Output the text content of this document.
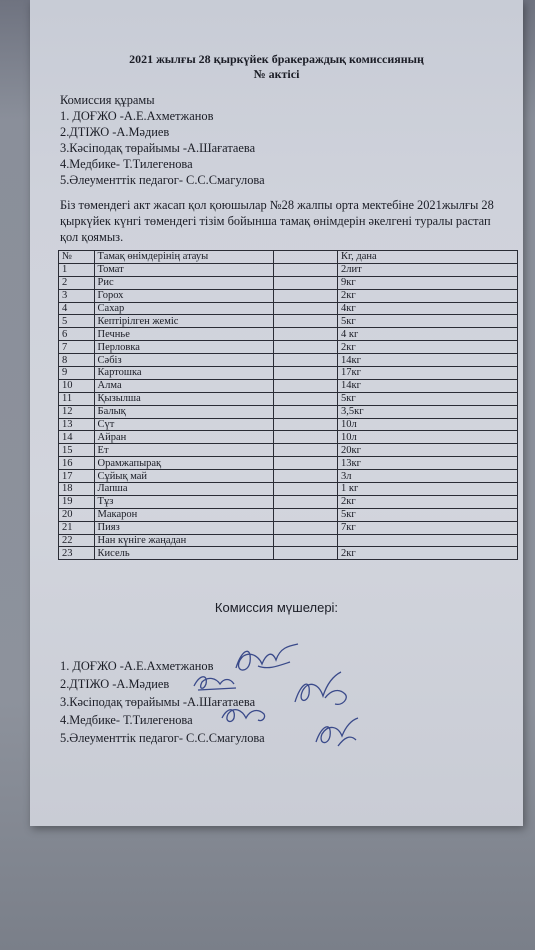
2021 жылғы 28 қыркүйек бракераждық комиссияның
№ актісі
Комиссия құрамы
1. ДОҒЖО -А.Е.Ахметжанов
2.ДТІЖО -А.Мәдиев
3.Кәсіподақ төрайымы -А.Шағатаева
4.Медбике- Т.Тилегенова
5.Әлеументтік педагог- С.С.Смагулова
Біз төмендегі акт жасап қол қоюшылар №28 жалпы орта мектебіне 2021жылғы 28 қыркүйек күнгі төмендегі тізім бойынша тамақ өнімдерін әкелгені туралы растап қол қоямыз.
№	Тамақ өнімдерінің атауы		Кг, дана
1	Томат		2лит
2	Рис		9кг
3	Горох		2кг
4	Сахар		4кг
5	Кептірілген жеміс		5кг
6	Печнье		4 кг
7	Перловка		2кг
8	Сәбіз		14кг
9	Картошка		17кг
10	Алма		14кг
11	Қызылша		5кг
12	Балық		3,5кг
13	Сүт		10л
14	Айран		10л
15	Ет		20кг
16	Орамжапырақ		13кг
17	Сұйық май		3л
18	Лапша		1 кг
19	Тұз		2кг
20	Макарон		5кг
21	Пияз		7кг
22	Нан күніге жаңадан		
23	Кисель		2кг
Комиссия мүшелері:
1. ДОҒЖО -А.Е.Ахметжанов
2.ДТІЖО -А.Мәдиев
3.Кәсіподақ төрайымы -А.Шағатаева
4.Медбике- Т.Тилегенова
5.Әлеументтік педагог- С.С.Смагулова
